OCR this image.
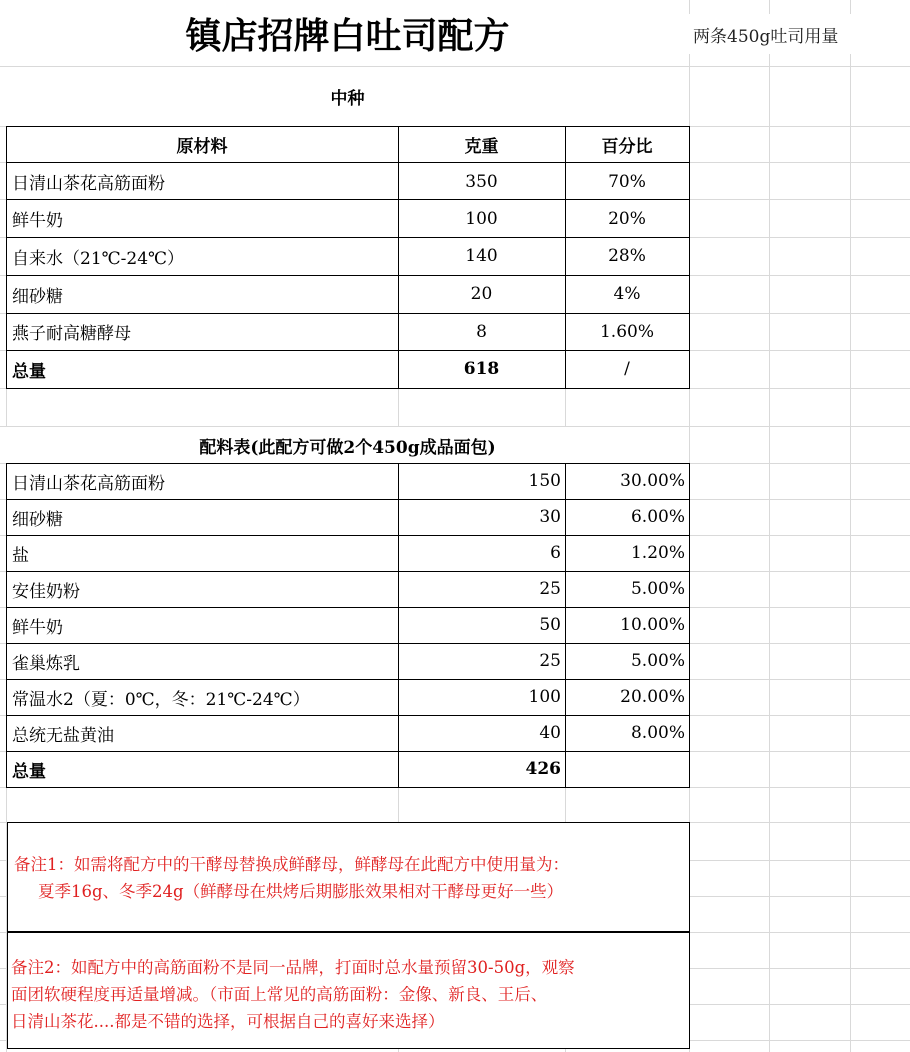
镇店招牌白吐司配方	两条450g吐司用量
中种
原材料	克重	百分比
日清山茶花高筋面粉	350	70%
鲜牛奶	100	20%
自来水（21℃-24℃）	140	28%
细砂糖	20	4%
燕子耐高糖酵母	8	1.60%
总量	618	/
配料表(此配方可做2个450g成品面包)
日清山茶花高筋面粉	150	30.00%
细砂糖	30	6.00%
盐	6	1.20%
安佳奶粉	25	5.00%
鲜牛奶	50	10.00%
雀巢炼乳	25	5.00%
常温水2（夏：0℃，冬：21℃-24℃）	100	20.00%
总统无盐黄油	40	8.00%
总量	426
备注1：如需将配方中的干酵母替换成鲜酵母，鲜酵母在此配方中使用量为：
夏季16g、冬季24g（鲜酵母在烘烤后期膨胀效果相对干酵母更好一些）
备注2：如配方中的高筋面粉不是同一品牌，打面时总水量预留30-50g，观察
面团软硬程度再适量增减。（市面上常见的高筋面粉：金像、新良、王后、
日清山茶花....都是不错的选择，可根据自己的喜好来选择）
